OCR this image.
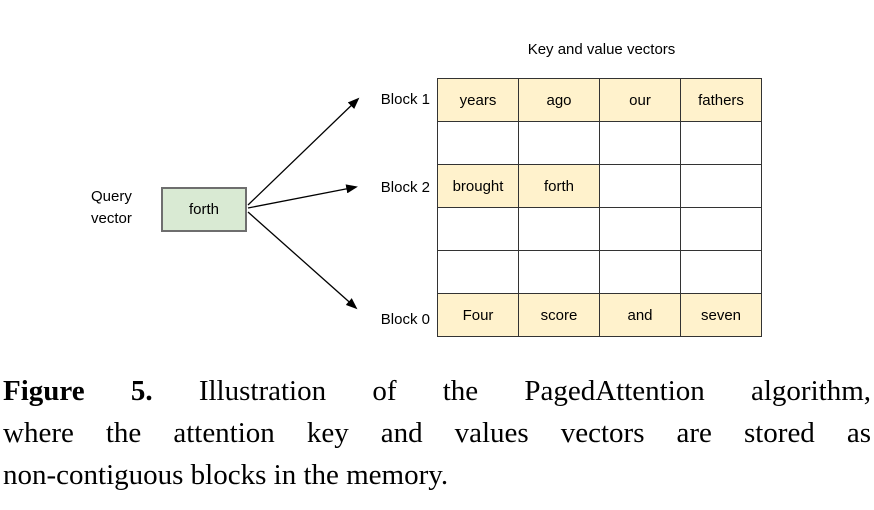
Key and value vectors
Query
vector
forth
Block 1
Block 2
Block 0
years	ago	our	fathers
brought	forth
Four	score	and	seven
Figure 5. Illustration of the PagedAttention algorithm,
where the attention key and values vectors are stored as
non-contiguous blocks in the memory.
